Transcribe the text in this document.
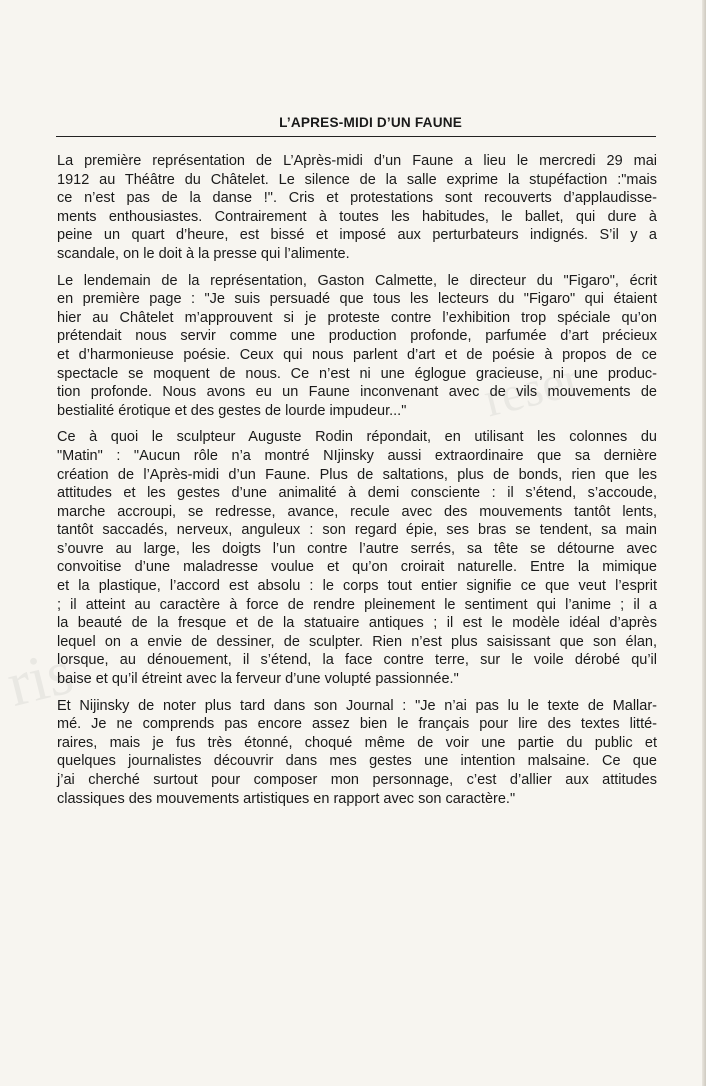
ris
reser
L’APRES-MIDI D’UN FAUNE

La première représentation de L’Après-midi d’un Faune a lieu le mercredi 29 mai
1912 au Théâtre du Châtelet. Le silence de la salle exprime la stupéfaction :"mais
ce n’est pas de la danse !". Cris et protestations sont recouverts d’applaudisse-
ments enthousiastes. Contrairement à toutes les habitudes, le ballet, qui dure à
peine un quart d’heure, est bissé et imposé aux perturbateurs indignés. S’il y a
scandale, on le doit à la presse qui l’alimente.

Le lendemain de la représentation, Gaston Calmette, le directeur du "Figaro", écrit
en première page : "Je suis persuadé que tous les lecteurs du "Figaro" qui étaient
hier au Châtelet m’approuvent si je proteste contre l’exhibition trop spéciale qu’on
prétendait nous servir comme une production profonde, parfumée d’art précieux
et d’harmonieuse poésie. Ceux qui nous parlent d’art et de poésie à propos de ce
spectacle se moquent de nous. Ce n’est ni une églogue gracieuse, ni une produc-
tion profonde. Nous avons eu un Faune inconvenant avec de vils mouvements de
bestialité érotique et des gestes de lourde impudeur..."

Ce à quoi le sculpteur Auguste Rodin répondait, en utilisant les colonnes du
"Matin" : "Aucun rôle n’a montré NIjinsky aussi extraordinaire que sa dernière
création de l’Après-midi d’un Faune. Plus de saltations, plus de bonds, rien que les
attitudes et les gestes d’une animalité à demi consciente : il s’étend, s’accoude,
marche accroupi, se redresse, avance, recule avec des mouvements tantôt lents,
tantôt saccadés, nerveux, anguleux : son regard épie, ses bras se tendent, sa main
s’ouvre au large, les doigts l’un contre l’autre serrés, sa tête se détourne avec
convoitise d’une maladresse voulue et qu’on croirait naturelle. Entre la mimique
et la plastique, l’accord est absolu : le corps tout entier signifie ce que veut l’esprit
; il atteint au caractère à force de rendre pleinement le sentiment qui l’anime ; il a
la beauté de la fresque et de la statuaire antiques ; il est le modèle idéal d’après
lequel on a envie de dessiner, de sculpter. Rien n’est plus saisissant que son élan,
lorsque, au dénouement, il s’étend, la face contre terre, sur le voile dérobé qu’il
baise et qu’il étreint avec la ferveur d’une volupté passionnée."

Et Nijinsky de noter plus tard dans son Journal : "Je n’ai pas lu le texte de Mallar-
mé. Je ne comprends pas encore assez bien le français pour lire des textes litté-
raires, mais je fus très étonné, choqué même de voir une partie du public et
quelques journalistes découvrir dans mes gestes une intention malsaine. Ce que
j’ai cherché surtout pour composer mon personnage, c’est d’allier aux attitudes
classiques des mouvements artistiques en rapport avec son caractère."
